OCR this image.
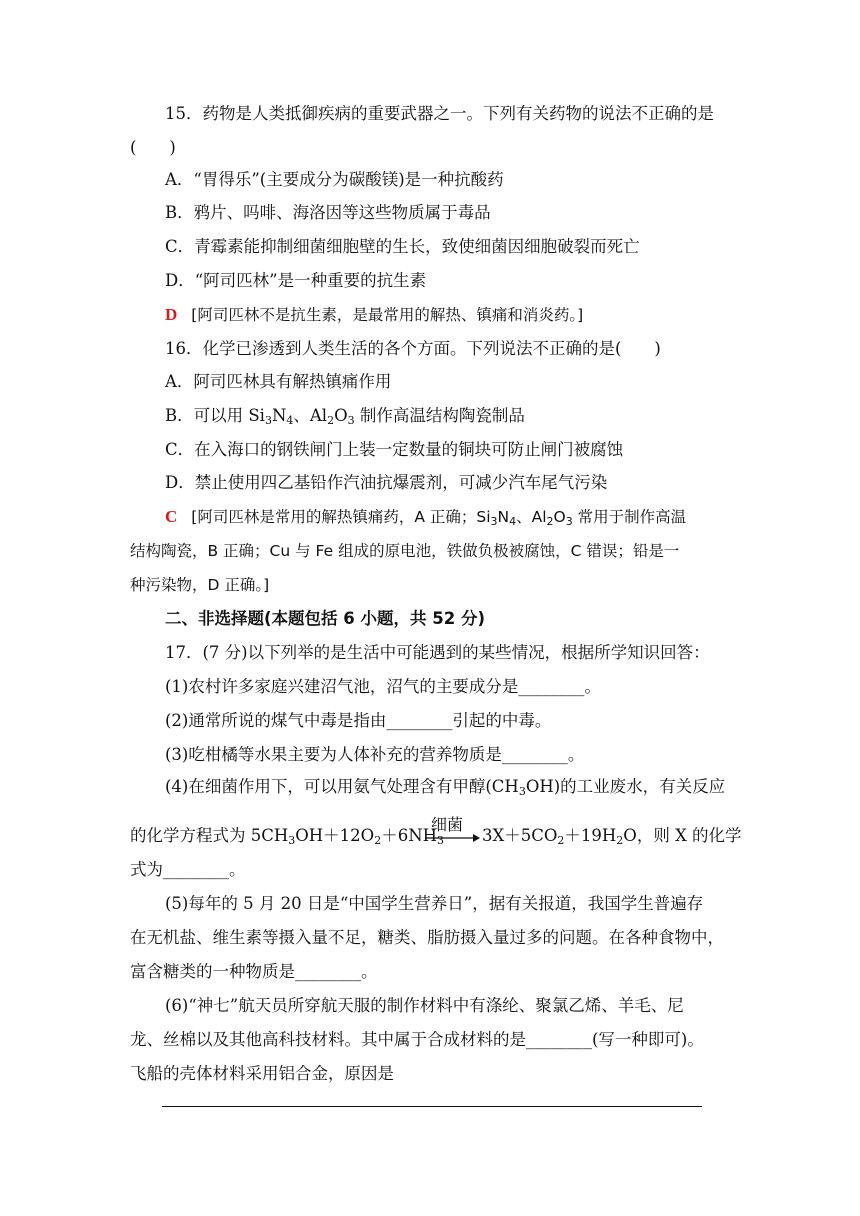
15．药物是人类抵御疾病的重要武器之一。下列有关药物的说法不正确的是
(　　)
A．“胃得乐”(主要成分为碳酸镁)是一种抗酸药
B．鸦片、吗啡、海洛因等这些物质属于毒品
C．青霉素能抑制细菌细胞壁的生长，致使细菌因细胞破裂而死亡
D．“阿司匹林”是一种重要的抗生素
D [阿司匹林不是抗生素，是最常用的解热、镇痛和消炎药。]
16．化学已渗透到人类生活的各个方面。下列说法不正确的是(　　)
A．阿司匹林具有解热镇痛作用
B．可以用 $Si_3N_4$、$Al_2O_3$ 制作高温结构陶瓷制品
C．在入海口的钢铁闸门上装一定数量的铜块可防止闸门被腐蚀
D．禁止使用四乙基铅作汽油抗爆震剂，可减少汽车尾气污染
C [阿司匹林是常用的解热镇痛药，A 正确；$Si_3N_4$、$Al_2O_3$ 常用于制作高温
结构陶瓷，B 正确；Cu 与 Fe 组成的原电池，铁做负极被腐蚀，C 错误；铅是一
种污染物，D 正确。]
二、非选择题(本题包括 6 小题，共 52 分)
17．(7 分)以下列举的是生活中可能遇到的某些情况，根据所学知识回答：
(1)农村许多家庭兴建沼气池，沼气的主要成分是________。
(2)通常所说的煤气中毒是指由________引起的中毒。
(3)吃柑橘等水果主要为人体补充的营养物质是________。
(4)在细菌作用下，可以用氨气处理含有甲醇$(CH_3OH)$的工业废水，有关反应
的化学方程式为 $5CH_3OH+12O_2+6NH_3$
细菌
$3X+5CO_2+19H_2O$，则 X 的化学
式为________。
(5)每年的 5 月 20 日是“中国学生营养日”，据有关报道，我国学生普遍存
在无机盐、维生素等摄入量不足，糖类、脂肪摄入量过多的问题。在各种食物中，
富含糖类的一种物质是________。
(6)“神七”航天员所穿航天服的制作材料中有涤纶、聚氯乙烯、羊毛、尼
龙、丝棉以及其他高科技材料。其中属于合成材料的是________(写一种即可)。
飞船的壳体材料采用铝合金，原因是
